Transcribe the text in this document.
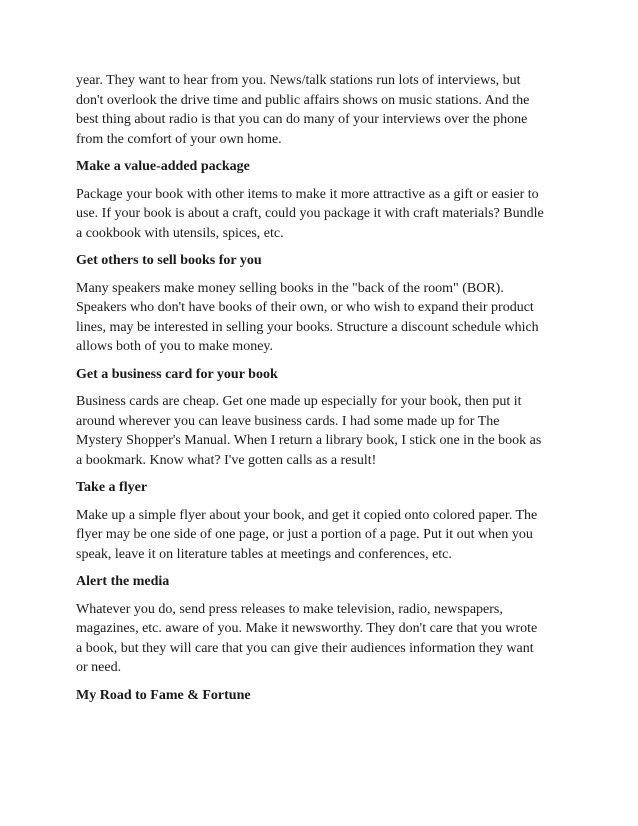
year. They want to hear from you. News/talk stations run lots of interviews, but
don't overlook the drive time and public affairs shows on music stations. And the
best thing about radio is that you can do many of your interviews over the phone
from the comfort of your own home.
Make a value-added package
Package your book with other items to make it more attractive as a gift or easier to
use. If your book is about a craft, could you package it with craft materials? Bundle
a cookbook with utensils, spices, etc.
Get others to sell books for you
Many speakers make money selling books in the "back of the room" (BOR).
Speakers who don't have books of their own, or who wish to expand their product
lines, may be interested in selling your books. Structure a discount schedule which
allows both of you to make money.
Get a business card for your book
Business cards are cheap. Get one made up especially for your book, then put it
around wherever you can leave business cards. I had some made up for The
Mystery Shopper's Manual. When I return a library book, I stick one in the book as
a bookmark. Know what? I've gotten calls as a result!
Take a flyer
Make up a simple flyer about your book, and get it copied onto colored paper. The
flyer may be one side of one page, or just a portion of a page. Put it out when you
speak, leave it on literature tables at meetings and conferences, etc.
Alert the media
Whatever you do, send press releases to make television, radio, newspapers,
magazines, etc. aware of you. Make it newsworthy. They don't care that you wrote
a book, but they will care that you can give their audiences information they want
or need.
My Road to Fame & Fortune
